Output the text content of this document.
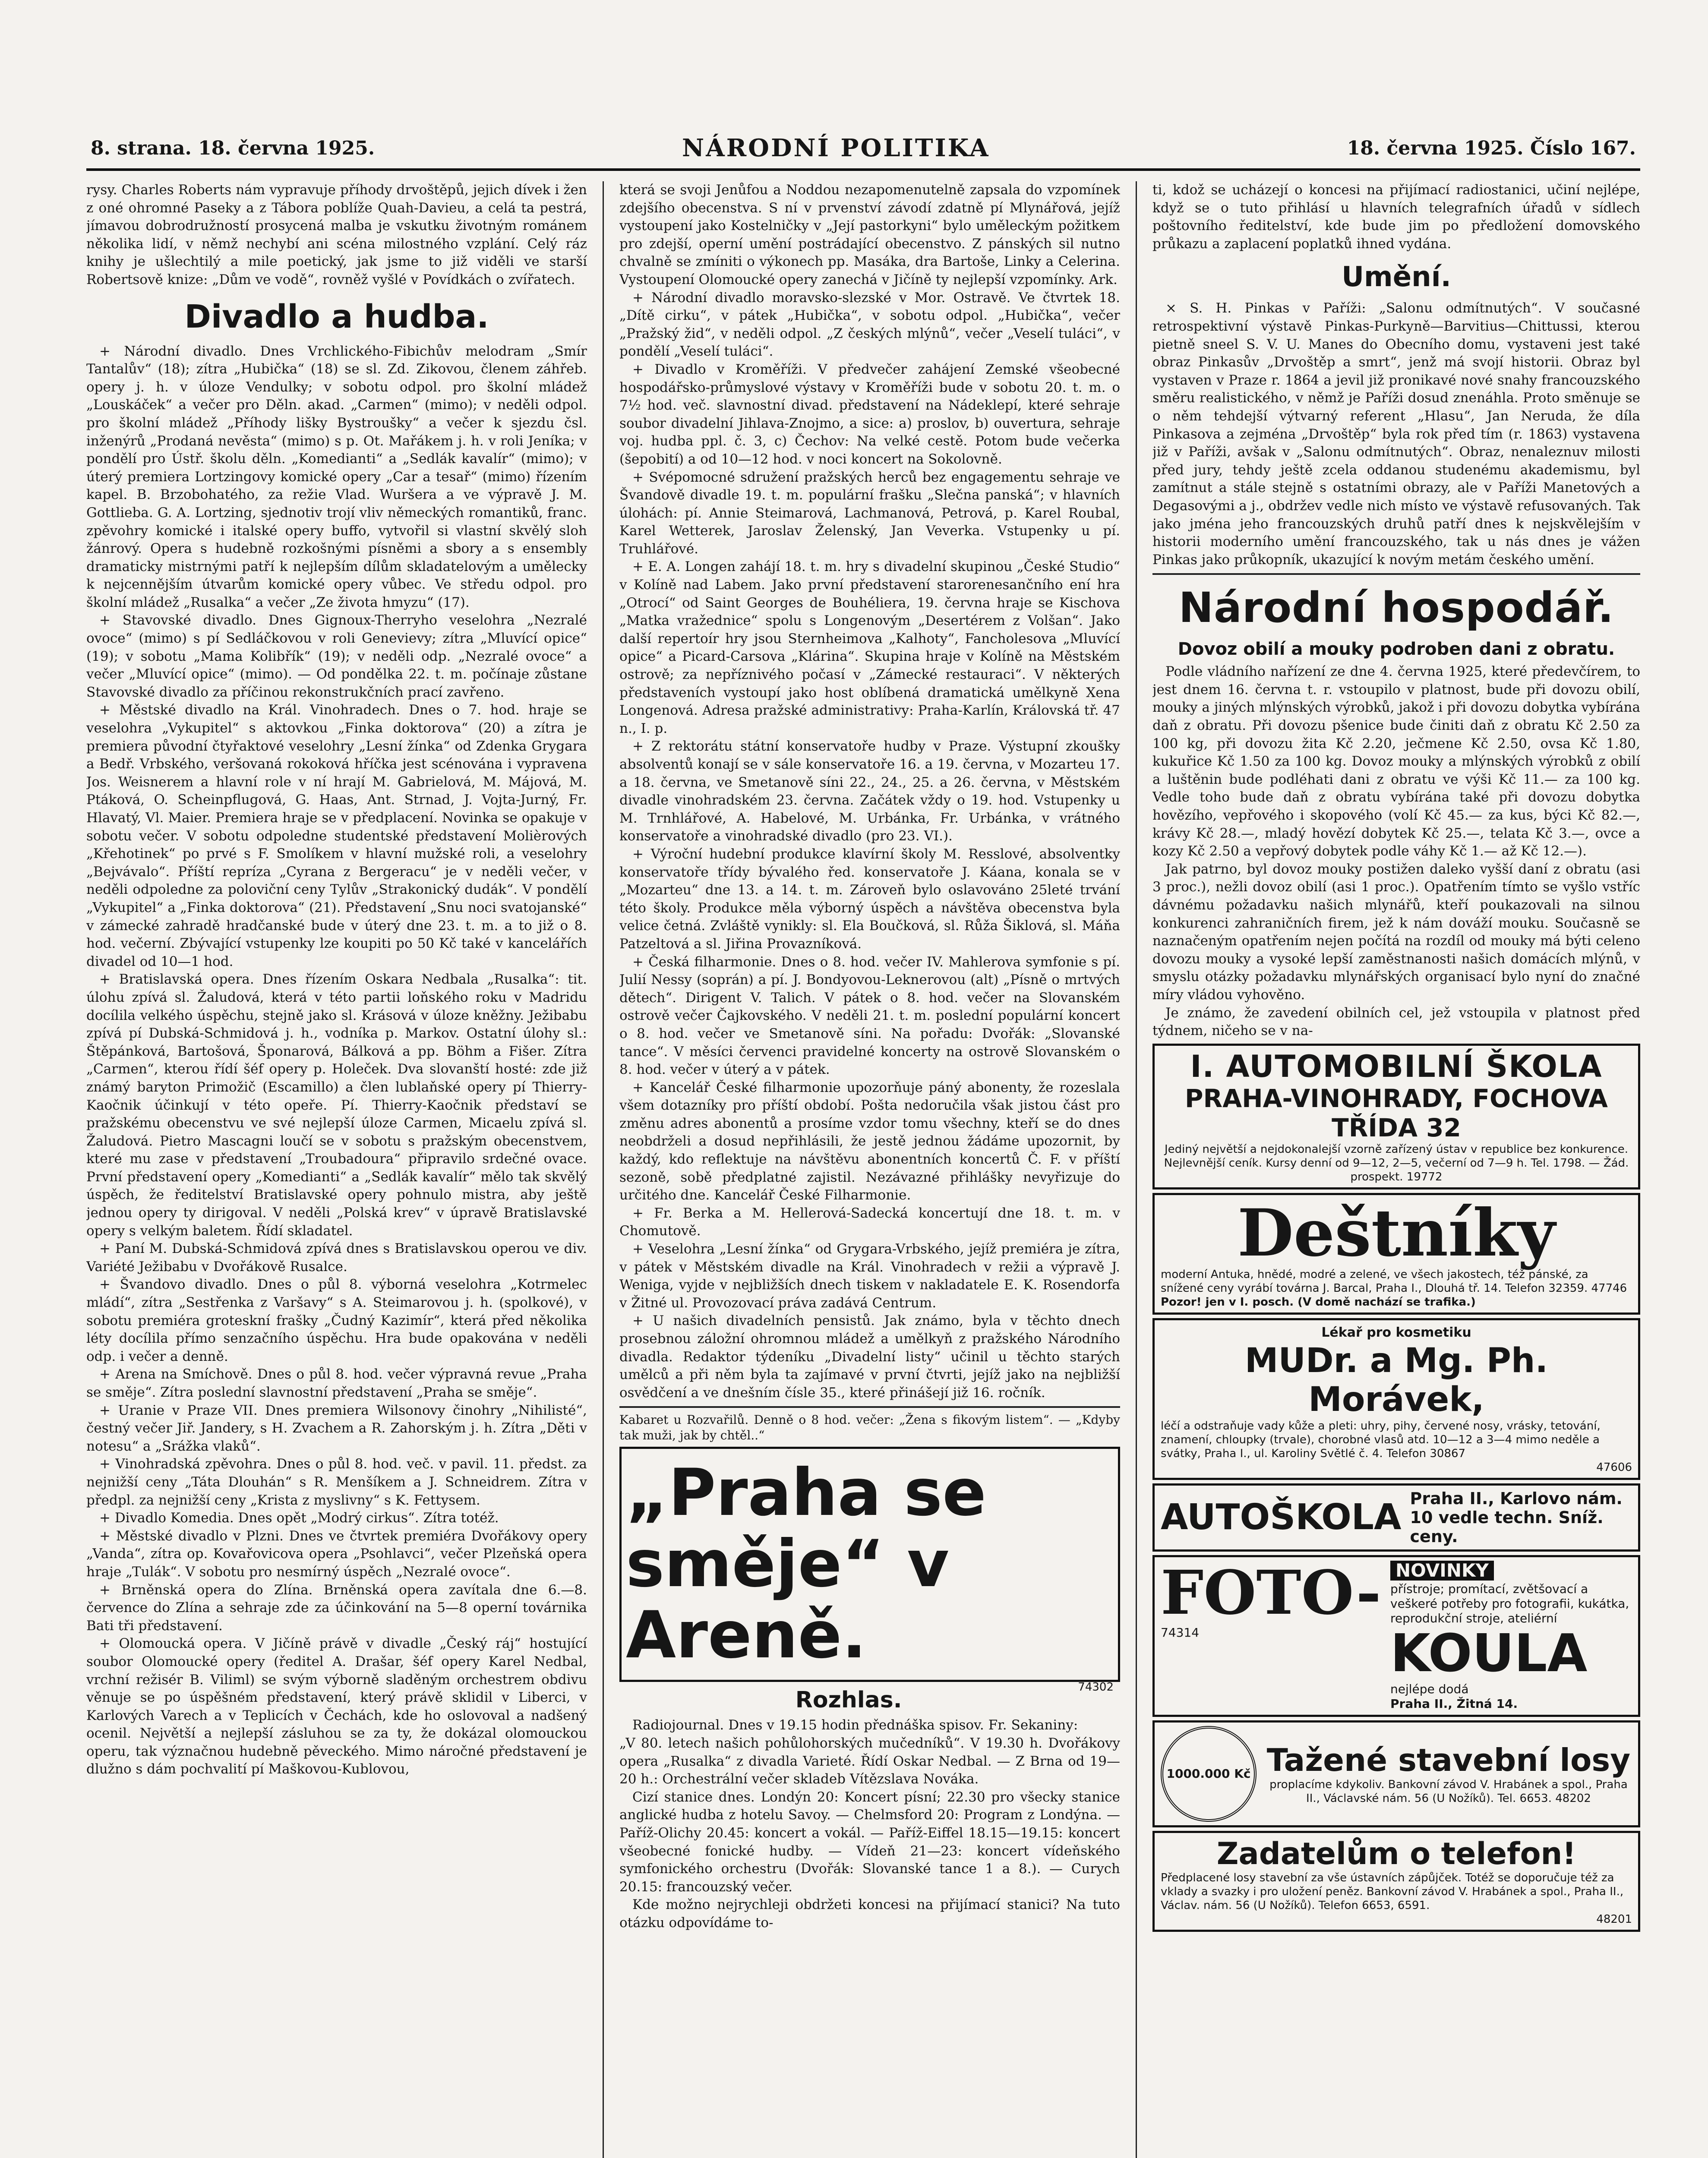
8. strana. 18. června 1925.	NÁRODNÍ POLITIKA	18. června 1925. Číslo 167.

rysy. Charles Roberts nám vypravuje příhody drvoštěpů, jejich dívek i žen z oné ohromné Paseky a z Tábora poblíže Quah-Davieu, a celá ta pestrá, jímavou dobrodružností prosycená malba je vskutku životným románem několika lidí, v němž nechybí ani scéna milostného vzplání. Celý ráz knihy je ušlechtilý a mile poetický, jak jsme to již viděli ve starší Robertsově knize: „Dům ve vodě“, rovněž vyšlé v Povídkách o zvířatech.

Divadlo a hudba.

+ Národní divadlo. Dnes Vrchlického-Fibichův melodram „Smír Tantalův“ (18); zítra „Hubička“ (18) se sl. Zd. Zikovou, členem záhřeb. opery j. h. v úloze Vendulky; v sobotu odpol. pro školní mládež „Louskáček“ a večer pro Děln. akad. „Carmen“ (mimo); v neděli odpol. pro školní mládež „Příhody lišky Bystroušky“ a večer k sjezdu čsl. inženýrů „Prodaná nevěsta“ (mimo) s p. Ot. Mařákem j. h. v roli Jeníka; v pondělí pro Ústř. školu děln. „Komedianti“ a „Sedlák kavalír“ (mimo); v úterý premiera Lortzingovy komické opery „Car a tesař“ (mimo) řízením kapel. B. Brzobohatého, za režie Vlad. Wuršera a ve výpravě J. M. Gottlieba. G. A. Lortzing, sjednotiv trojí vliv německých romantiků, franc. zpěvohry komické i italské opery buffo, vytvořil si vlastní skvělý sloh žánrový. Opera s hudebně rozkošnými písněmi a sbory a s ensembly dramaticky mistrnými patří k nejlepším dílům skladatelovým a umělecky k nejcennějším útvarům komické opery vůbec. Ve středu odpol. pro školní mládež „Rusalka“ a večer „Ze života hmyzu“ (17).

+ Stavovské divadlo. Dnes Gignoux-Therryho veselohra „Nezralé ovoce“ (mimo) s pí Sedláčkovou v roli Genevievy; zítra „Mluvící opice“ (19); v sobotu „Mama Kolibřík“ (19); v neděli odp. „Nezralé ovoce“ a večer „Mluvící opice“ (mimo). — Od pondělka 22. t. m. počínaje zůstane Stavovské divadlo za příčinou rekonstrukčních prací zavřeno.

+ Městské divadlo na Král. Vinohradech. Dnes o 7. hod. hraje se veselohra „Vykupitel“ s aktovkou „Finka doktorova“ (20) a zítra je premiera původní čtyřaktové veselohry „Lesní žínka“ od Zdenka Grygara a Bedř. Vrbského, veršovaná rokoková hříčka jest scénována i vypravena Jos. Weisnerem a hlavní role v ní hrají M. Gabrielová, M. Májová, M. Ptáková, O. Scheinpflugová, G. Haas, Ant. Strnad, J. Vojta-Jurný, Fr. Hlavatý, Vl. Maier. Premiera hraje se v předplacení. Novinka se opakuje v sobotu večer. V sobotu odpoledne studentské představení Molièrových „Křehotinek“ po prvé s F. Smolíkem v hlavní mužské roli, a veselohry „Bejvávalo“. Příští repríza „Cyrana z Bergeracu“ je v neděli večer, v neděli odpoledne za poloviční ceny Tylův „Strakonický dudák“. V pondělí „Vykupitel“ a „Finka doktorova“ (21). Představení „Snu noci svatojanské“ v zámecké zahradě hradčanské bude v úterý dne 23. t. m. a to již o 8. hod. večerní. Zbývající vstupenky lze koupiti po 50 Kč také v kancelářích divadel od 10—1 hod.

+ Bratislavská opera. Dnes řízením Oskara Nedbala „Rusalka“: tit. úlohu zpívá sl. Žaludová, která v této partii loňského roku v Madridu docílila velkého úspěchu, stejně jako sl. Krásová v úloze kněžny. Ježibabu zpívá pí Dubská-Schmidová j. h., vodníka p. Markov. Ostatní úlohy sl.: Štěpánková, Bartošová, Šponarová, Bálková a pp. Böhm a Fišer. Zítra „Carmen“, kterou řídí šéf opery p. Holeček. Dva slovanští hosté: zde již známý baryton Primožič (Escamillo) a člen lublaňské opery pí Thierry-Kaočnik účinkují v této opeře. Pí. Thierry-Kaočnik představí se pražskému obecenstvu ve své nejlepší úloze Carmen, Micaelu zpívá sl. Žaludová. Pietro Mascagni loučí se v sobotu s pražským obecenstvem, které mu zase v představení „Troubadoura“ připravilo srdečné ovace. První představení opery „Komedianti“ a „Sedlák kavalír“ mělo tak skvělý úspěch, že ředitelství Bratislavské opery pohnulo mistra, aby ještě jednou opery ty dirigoval. V neděli „Polská krev“ v úpravě Bratislavské opery s velkým baletem. Řídí skladatel.

+ Paní M. Dubská-Schmidová zpívá dnes s Bratislavskou operou ve div. Variété Ježibabu v Dvořákově Rusalce.

+ Švandovo divadlo. Dnes o půl 8. výborná veselohra „Kotrmelec mládí“, zítra „Sestřenka z Varšavy“ s A. Steimarovou j. h. (spolkové), v sobotu premiéra groteskní frašky „Čudný Kazimír“, která před několika léty docílila přímo senzačního úspěchu. Hra bude opakována v neděli odp. i večer a denně.

+ Arena na Smíchově. Dnes o půl 8. hod. večer výpravná revue „Praha se směje“. Zítra poslední slavnostní představení „Praha se směje“.

+ Uranie v Praze VII. Dnes premiera Wilsonovy činohry „Nihilisté“, čestný večer Jiř. Jandery, s H. Zvachem a R. Zahorským j. h. Zítra „Děti v notesu“ a „Srážka vlaků“.

+ Vinohradská zpěvohra. Dnes o půl 8. hod. več. v pavil. 11. předst. za nejnižší ceny „Táta Dlouhán“ s R. Menšíkem a J. Schneidrem. Zítra v předpl. za nejnižší ceny „Krista z myslivny“ s K. Fettysem.

+ Divadlo Komedia. Dnes opět „Modrý cirkus“. Zítra totéž.

+ Městské divadlo v Plzni. Dnes ve čtvrtek premiéra Dvořákovy opery „Vanda“, zítra op. Kovařovicova opera „Psohlavci“, večer Plzeňská opera hraje „Tulák“. V sobotu pro nesmírný úspěch „Nezralé ovoce“.

+ Brněnská opera do Zlína. Brněnská opera zavítala dne 6.—8. července do Zlína a sehraje zde za účinkování na 5—8 operní továrnika Bati tři představení.

+ Olomoucká opera. V Jičíně právě v divadle „Český ráj“ hostující soubor Olomoucké opery (ředitel A. Drašar, šéf opery Karel Nedbal, vrchní režisér B. Viliml) se svým výborně sladěným orchestrem obdivu věnuje se po úspěšném představení, který právě sklidil v Liberci, v Karlových Varech a v Teplicích v Čechách, kde ho oslovoval a nadšený ocenil. Největší a nejlepší zásluhou se za ty, že dokázal olomouckou operu, tak význačnou hudebně pěveckého. Mimo náročné představení je dlužno s dám pochvalití pí Maškovou-Kublovou,

která se svoji Jenůfou a Noddou nezapomenutelně zapsala do vzpomínek zdejšího obecenstva. S ní v prvenství závodí zdatně pí Mlynářová, jejíž vystoupení jako Kostelničky v „Její pastorkyni“ bylo uměleckým požitkem pro zdejší, operní umění postrádající obecenstvo. Z pánských sil nutno chvalně se zmíniti o výkonech pp. Masáka, dra Bartoše, Linky a Celerina. Vystoupení Olomoucké opery zanechá v Jičíně ty nejlepší vzpomínky. Ark.

+ Národní divadlo moravsko-slezské v Mor. Ostravě. Ve čtvrtek 18. „Dítě cirku“, v pátek „Hubička“, v sobotu odpol. „Hubička“, večer „Pražský žid“, v neděli odpol. „Z českých mlýnů“, večer „Veselí tuláci“, v pondělí „Veselí tuláci“.

+ Divadlo v Kroměříži. V předvečer zahájení Zemské všeobecné hospodářsko-průmyslové výstavy v Kroměříži bude v sobotu 20. t. m. o 7½ hod. več. slavnostní divad. představení na Nádeklepí, které sehraje soubor divadelní Jihlava-Znojmo, a sice: a) proslov, b) ouvertura, sehraje voj. hudba ppl. č. 3, c) Čechov: Na velké cestě. Potom bude večerka (šepobití) a od 10—12 hod. v noci koncert na Sokolovně.

+ Svépomocné sdružení pražských herců bez engagementu sehraje ve Švandově divadle 19. t. m. populární frašku „Slečna panská“; v hlavních úlohách: pí. Annie Steimarová, Lachmanová, Petrová, p. Karel Roubal, Karel Wetterek, Jaroslav Želenský, Jan Veverka. Vstupenky u pí. Truhlářové.

+ E. A. Longen zahájí 18. t. m. hry s divadelní skupinou „České Studio“ v Kolíně nad Labem. Jako první představení starorenesančního ení hra „Otrocí“ od Saint Georges de Bouhéliera, 19. června hraje se Kischova „Matka vražednice“ spolu s Longenovým „Desertérem z Volšan“. Jako další repertoír hry jsou Sternheimova „Kalhoty“, Fancholesova „Mluvící opice“ a Picard-Carsova „Klárina“. Skupina hraje v Kolíně na Městském ostrově; za nepříznivého počasí v „Zámecké restauraci“. V některých představeních vystoupí jako host oblíbená dramatická umělkyně Xena Longenová. Adresa pražské administrativy: Praha-Karlín, Královská tř. 47 n., I. p.

+ Z rektorátu státní konservatoře hudby v Praze. Výstupní zkoušky absolventů konají se v sále konservatoře 16. a 19. června, v Mozarteu 17. a 18. června, ve Smetanově síni 22., 24., 25. a 26. června, v Městském divadle vinohradském 23. června. Začátek vždy o 19. hod. Vstupenky u M. Trnhlářové, A. Habelové, M. Urbánka, Fr. Urbánka, v vrátného konservatoře a vinohradské divadlo (pro 23. VI.).

+ Výroční hudební produkce klavírní školy M. Resslové, absolventky konservatoře třídy bývalého řed. konservatoře J. Káana, konala se v „Mozarteu“ dne 13. a 14. t. m. Zároveň bylo oslavováno 25leté trvání této školy. Produkce měla výborný úspěch a návštěva obecenstva byla velice četná. Zvláště vynikly: sl. Ela Boučková, sl. Růža Šiklová, sl. Máňa Patzeltová a sl. Jiřina Provazníková.

+ Česká filharmonie. Dnes o 8. hod. večer IV. Mahlerova symfonie s pí. Julií Nessy (soprán) a pí. J. Bondyovou-Leknerovou (alt) „Písně o mrtvých dětech“. Dirigent V. Talich. V pátek o 8. hod. večer na Slovanském ostrově večer Čajkovského. V neděli 21. t. m. poslední populární koncert o 8. hod. večer ve Smetanově síni. Na pořadu: Dvořák: „Slovanské tance“. V měsíci červenci pravidelné koncerty na ostrově Slovanském o 8. hod. večer v úterý a v pátek.

+ Kancelář České filharmonie upozorňuje páný abonenty, že rozeslala všem dotazníky pro příští období. Pošta nedoručila však jistou část pro změnu adres abonentů a prosíme vzdor tomu všechny, kteří se do dnes neobdrželi a dosud nepřihlásili, že jestě jednou žádáme upozornit, by každý, kdo reflektuje na návštěvu abonentních koncertů Č. F. v příští sezoně, sobě předplatné zajistil. Nezávazné přihlášky nevyřizuje do určitého dne. Kancelář České Filharmonie.

+ Fr. Berka a M. Hellerová-Sadecká koncertují dne 18. t. m. v Chomutově.

+ Veselohra „Lesní žínka“ od Grygara-Vrbského, jejíž premiéra je zítra, v pátek v Městském divadle na Král. Vinohradech v režii a výpravě J. Weniga, vyjde v nejbližších dnech tiskem v nakladatele E. K. Rosendorfa v Žitné ul. Provozovací práva zadává Centrum.

+ U našich divadelních pensistů. Jak známo, byla v těchto dnech prosebnou záložní ohromnou mládež a umělkyň z pražského Národního divadla. Redaktor týdeníku „Divadelní listy“ učinil u těchto starých umělců a při něm byla ta zajímavé v první čtvrti, jejíž jako na nejbližší osvědčení a ve dnešním čísle 35., které přinášejí již 16. ročník.

Kabaret u Rozvařilů. Denně o 8 hod. večer: „Žena s fikovým listem“. — „Kdyby tak muži, jak by chtěl..“

„Praha se směje“ v Areně.
74302
Rozhlas.

Radiojournal. Dnes v 19.15 hodin přednáška spisov. Fr. Sekaniny: „V 80. letech našich pohůlohorských mučedníků“. V 19.30 h. Dvořákovy opera „Rusalka“ z divadla Varieté. Řídí Oskar Nedbal. — Z Brna od 19—20 h.: Orchestrální večer skladeb Vítězslava Nováka.

Cizí stanice dnes. Londýn 20: Koncert písní; 22.30 pro všecky stanice anglické hudba z hotelu Savoy. — Chelmsford 20: Program z Londýna. — Paříž-Olichy 20.45: koncert a vokál. — Paříž-Eiffel 18.15—19.15: koncert všeobecné fonické hudby. — Vídeň 21—23: koncert vídeňského symfonického orchestru (Dvořák: Slovanské tance 1 a 8.). — Curych 20.15: francouzský večer.

Kde možno nejrychleji obdržeti koncesi na přijímací stanici? Na tuto otázku odpovídáme to-

ti, kdož se ucházejí o koncesi na přijímací radiostanici, učiní nejlépe, když se o tuto přihlásí u hlavních telegrafních úřadů v sídlech poštovního ředitelství, kde bude jim po předložení domovského průkazu a zaplacení poplatků ihned vydána.

Umění.

× S. H. Pinkas v Paříži: „Salonu odmítnutých“. V současné retrospektivní výstavě Pinkas-Purkyně—Barvitius—Chittussi, kterou pietně sneel S. V. U. Manes do Obecního domu, vystaveni jest také obraz Pinkasův „Drvoštěp a smrt“, jenž má svojí historii. Obraz byl vystaven v Praze r. 1864 a jevil již pronikavé nové snahy francouzského směru realistického, v němž je Paříži dosud znenáhla. Proto směnuje se o něm tehdejší výtvarný referent „Hlasu“, Jan Neruda, že díla Pinkasova a zejména „Drvoštěp“ byla rok před tím (r. 1863) vystavena již v Paříži, avšak v „Salonu odmítnutých“. Obraz, nenaleznuv milosti před jury, tehdy ještě zcela oddanou studenému akademismu, byl zamítnut a stále stejně s ostatními obrazy, ale v Paříži Manetových a Degasovými a j., obdržev vedle nich místo ve výstavě refusovaných. Tak jako jména jeho francouzských druhů patří dnes k nejskvělejším v historii moderního umění francouzského, tak u nás dnes je vážen Pinkas jako průkopník, ukazující k novým metám českého umění.

Národní hospodář.
Dovoz obilí a mouky podroben dani z obratu.

Podle vládního nařízení ze dne 4. června 1925, které předevčírem, to jest dnem 16. června t. r. vstoupilo v platnost, bude při dovozu obilí, mouky a jiných mlýnských výrobků, jakož i při dovozu dobytka vybírána daň z obratu. Při dovozu pšenice bude činiti daň z obratu Kč 2.50 za 100 kg, při dovozu žita Kč 2.20, ječmene Kč 2.50, ovsa Kč 1.80, kukuřice Kč 1.50 za 100 kg. Dovoz mouky a mlýnských výrobků z obilí a luštěnin bude podléhati dani z obratu ve výši Kč 11.— za 100 kg. Vedle toho bude daň z obratu vybírána také při dovozu dobytka hovězího, vepřového i skopového (volí Kč 45.— za kus, býci Kč 82.—, krávy Kč 28.—, mladý hovězí dobytek Kč 25.—, telata Kč 3.—, ovce a kozy Kč 2.50 a vepřový dobytek podle váhy Kč 1.— až Kč 12.—).

Jak patrno, byl dovoz mouky postižen daleko vyšší daní z obratu (asi 3 proc.), nežli dovoz obilí (asi 1 proc.). Opatřením tímto se vyšlo vstříc dávnému požadavku našich mlynářů, kteří poukazovali na silnou konkurenci zahraničních firem, jež k nám dováží mouku. Současně se naznačeným opatřením nejen počítá na rozdíl od mouky má býti celeno dovozu mouky a vysoké lepší zaměstnanosti našich domácích mlýnů, v smyslu otázky požadavku mlynářských organisací bylo nyní do značné míry vládou vyhověno.

Je známo, že zavedení obilních cel, jež vstoupila v platnost před týdnem, ničeho se v na-

I. AUTOMOBILNÍ ŠKOLA
PRAHA-VINOHRADY, FOCHOVA TŘÍDA 32
Jediný největší a nejdokonalejší vzorně zařízený ústav v republice bez konkurence. Nejlevnější ceník. Kursy denní od 9—12, 2—5, večerní od 7—9 h. Tel. 1798. — Žád. prospekt. 19772
Deštníky
moderní Antuka, hnědé, modré a zelené, ve všech jakostech, též pánské, za snížené ceny vyrábí továrna J. Barcal, Praha I., Dlouhá tř. 14. Telefon 32359. 47746
Pozor! jen v I. posch. (V domě nachází se trafika.)
Lékař pro kosmetiku
MUDr. a Mg. Ph. Morávek,
léčí a odstraňuje vady kůže a pleti: uhry, pihy, červené nosy, vrásky, tetování, znamení, chloupky (trvale), chorobné vlasů atd. 10—12 a 3—4 mimo neděle a svátky, Praha I., ul. Karoliny Světlé č. 4. Telefon 30867
47606
AUTOŠKOLA Praha II., Karlovo nám. 10 vedle techn. Sníž. ceny.
FOTO-
74314
NOVINKY
přístroje; promítací, zvětšovací a veškeré potřeby pro fotografii, kukátka, reprodukční stroje, ateliérní
KOULA
nejlépe dodá
Praha II., Žitná 14.
1000.000 Kč Tažené stavební losy
proplacíme kdykoliv. Bankovní závod V. Hrabánek a spol., Praha II., Václavské nám. 56 (U Nožíků). Tel. 6653. 48202
Zadatelům o telefon!
Předplacené losy stavební za vše ústavních zápůjček. Totéž se doporučuje též za vklady a svazky i pro uložení peněz. Bankovní závod V. Hrabánek a spol., Praha II., Václav. nám. 56 (U Nožíků). Telefon 6653, 6591.
48201
